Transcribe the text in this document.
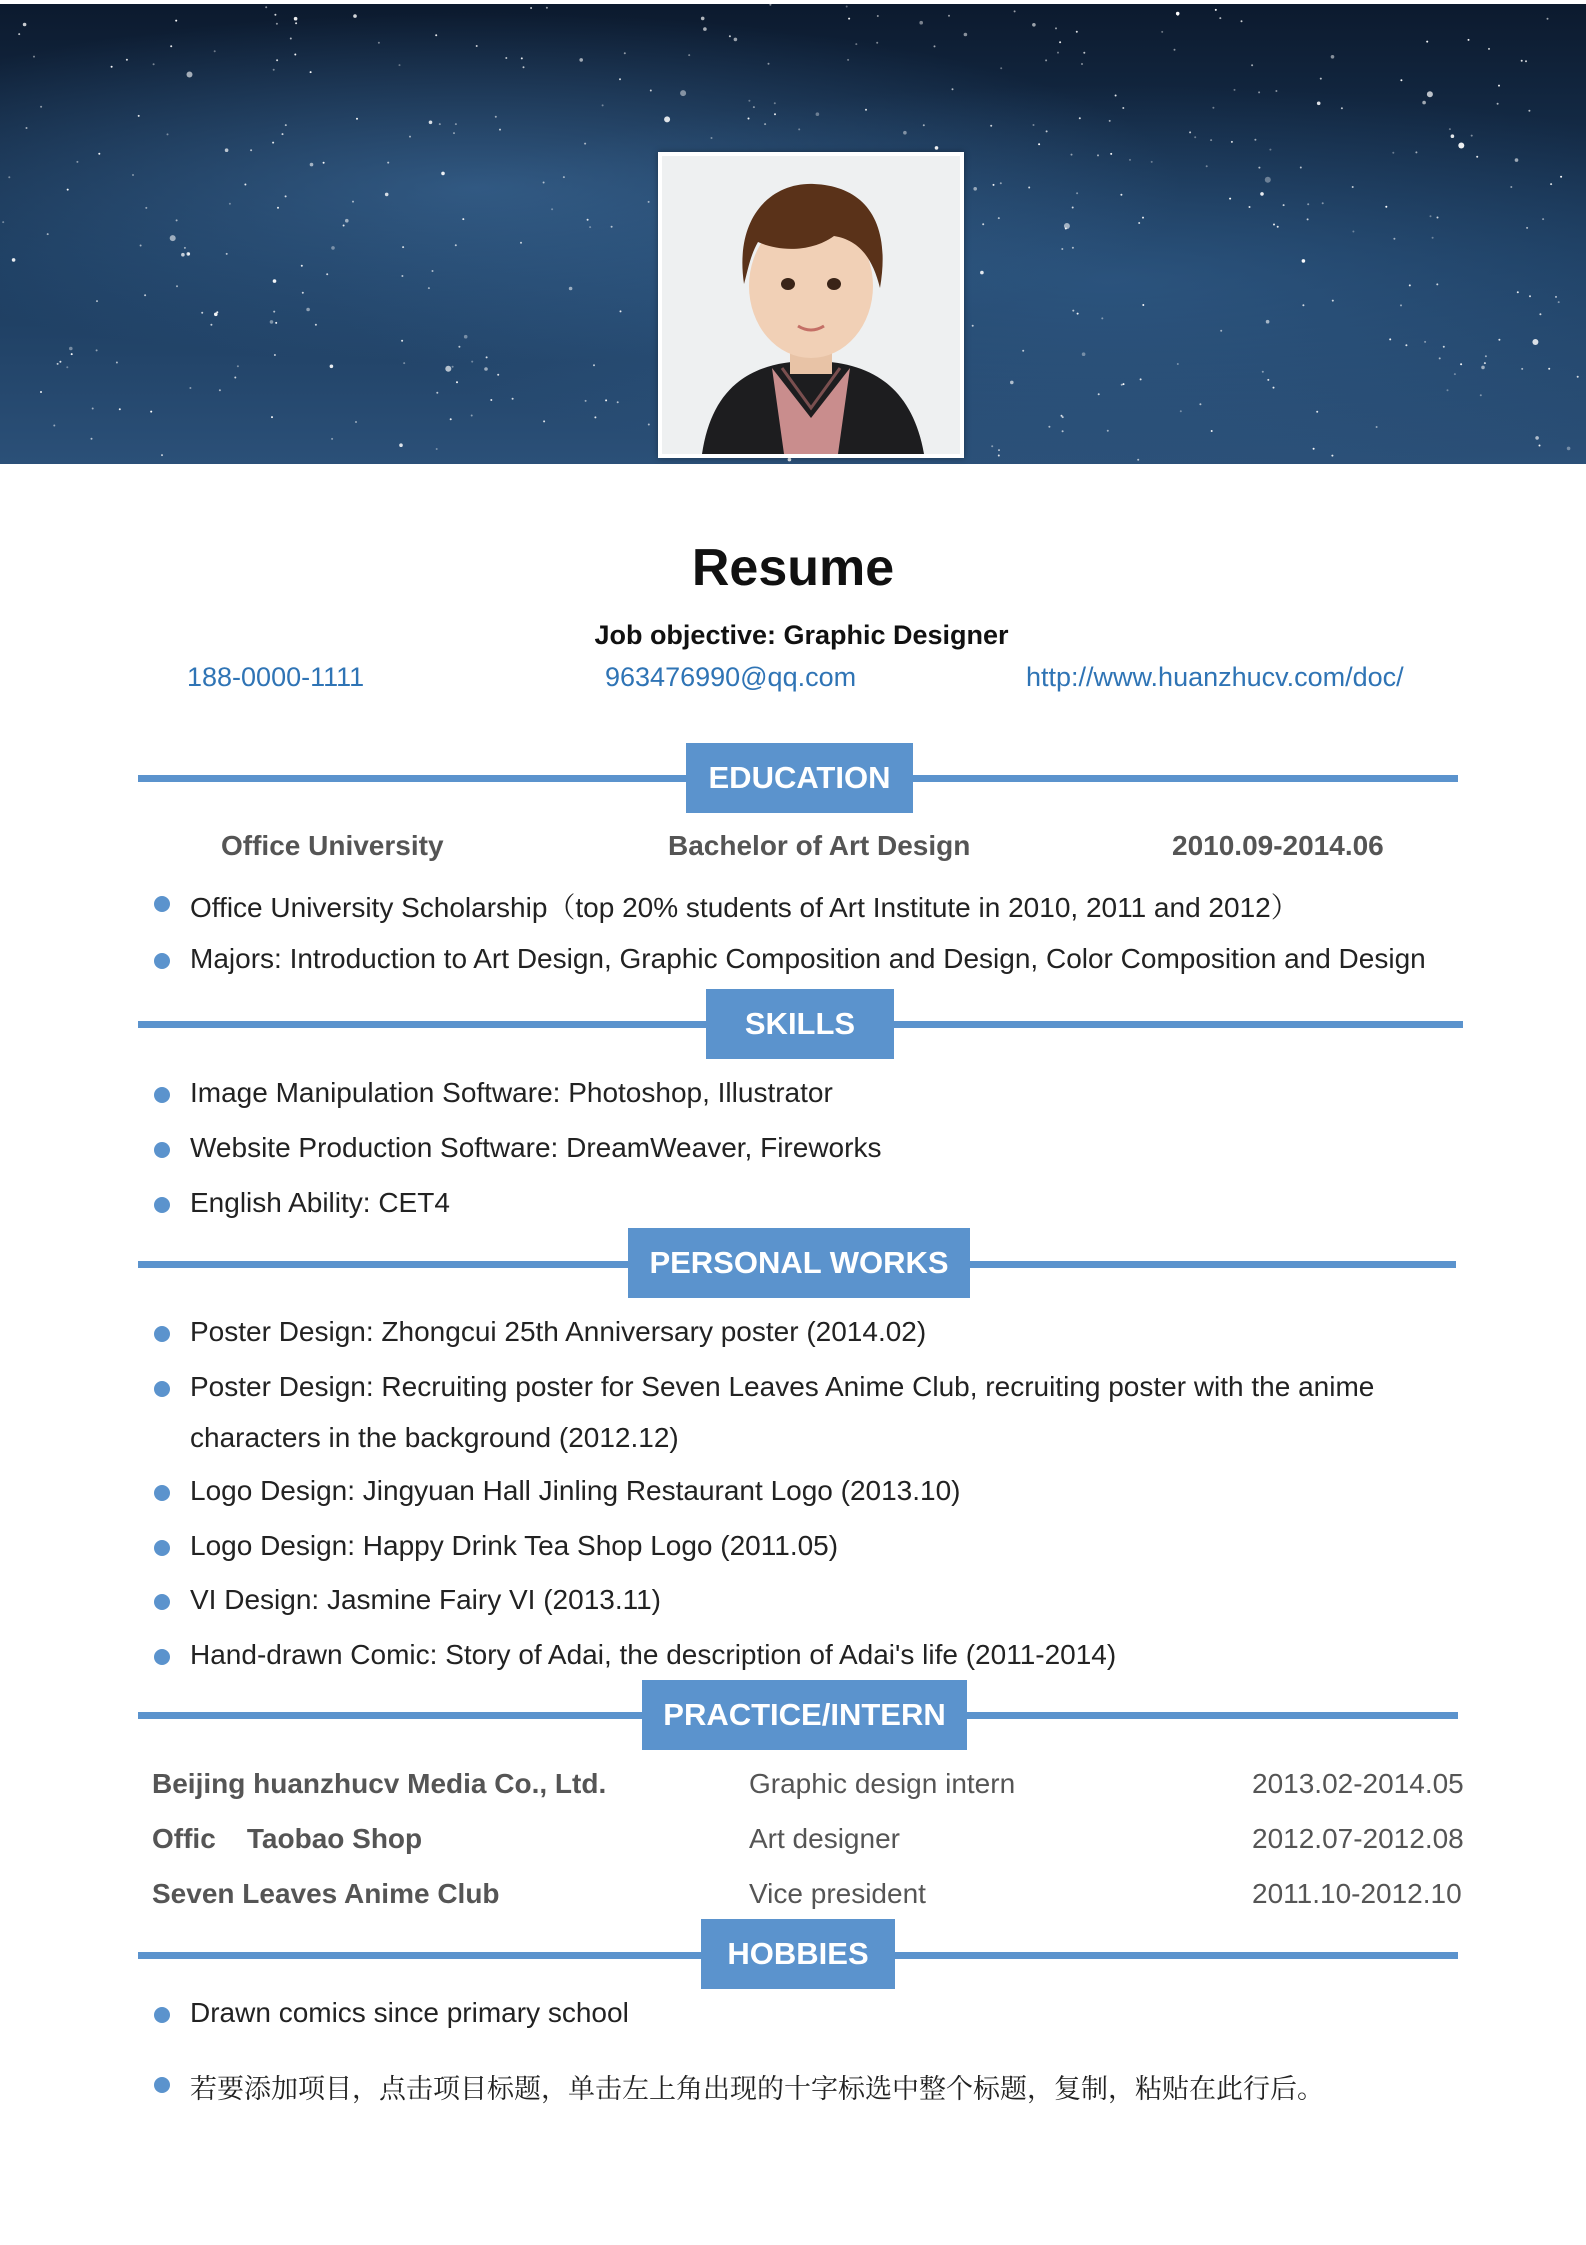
Resume
Job objective: Graphic Designer
188-0000-1111	963476990@qq.com	http://www.huanzhucv.com/doc/
EDUCATION
Office University	Bachelor of Art Design	2010.09-2014.06
Office University Scholarship（top 20% students of Art Institute in 2010, 2011 and 2012）
Majors: Introduction to Art Design, Graphic Composition and Design, Color Composition and Design
SKILLS
Image Manipulation Software: Photoshop, Illustrator
Website Production Software: DreamWeaver, Fireworks
English Ability: CET4
PERSONAL WORKS
Poster Design: Zhongcui 25th Anniversary poster (2014.02)
Poster Design: Recruiting poster for Seven Leaves Anime Club, recruiting poster with the anime
characters in the background (2012.12)
Logo Design: Jingyuan Hall Jinling Restaurant Logo (2013.10)
Logo Design: Happy Drink Tea Shop Logo (2011.05)
VI Design: Jasmine Fairy VI (2013.11)
Hand-drawn Comic: Story of Adai, the description of Adai's life (2011-2014)
PRACTICE/INTERN
Beijing huanzhucv Media Co., Ltd.	Graphic design intern	2013.02-2014.05
Offic    Taobao Shop	Art designer	2012.07-2012.08
Seven Leaves Anime Club	Vice president	2011.10-2012.10
HOBBIES
Drawn comics since primary school
若要添加项目，点击项目标题，单击左上角出现的十字标选中整个标题，复制，粘贴在此行后。
